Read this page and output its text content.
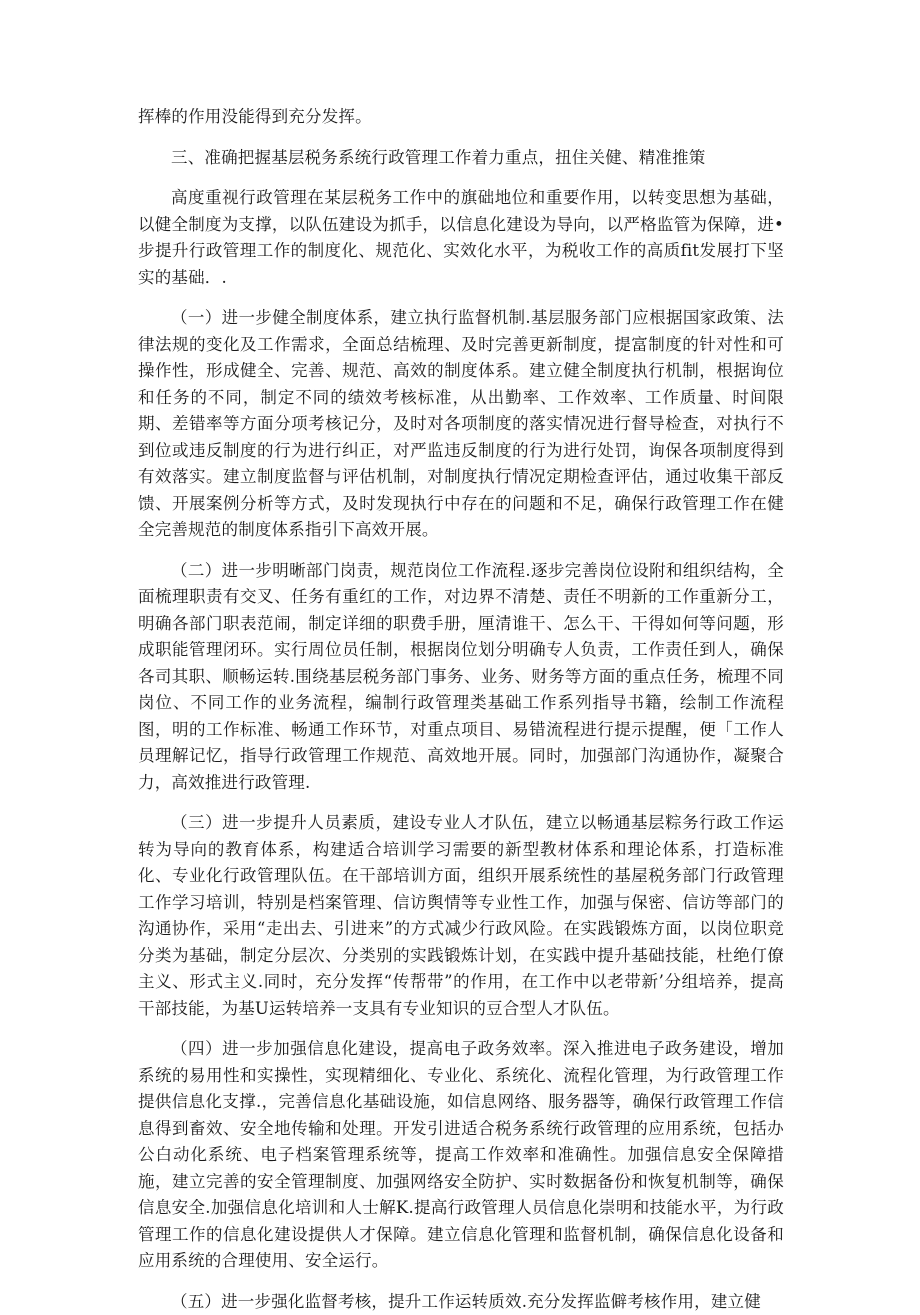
挥棒的作用没能得到充分发挥。

三、准确把握基层税务系统行政管理工作着力重点，扭住关健、精准推策

高度重视行政管理在某层税务工作中的旗础地位和重要作用，以转变思想为基础，以健全制度为支撑，以队伍建设为抓手，以信息化建设为导向，以严格监管为保障，进•步提升行政管理工作的制度化、规范化、实效化水平，为税收工作的高质fit发展打下坚实的基础．.

（一）进一步健全制度体系，建立执行监督机制.基层服务部门应根据国家政策、法律法规的变化及工作需求，全面总结梳理、及时完善更新制度，提富制度的针对性和可操作性，形成健全、完善、规范、高效的制度体系。建立健全制度执行机制，根据询位和任务的不同，制定不同的绩效考核标准，从出勤率、工作效率、工作质量、时间限期、差错率等方面分项考核记分，及时对各项制度的落实情况进行督导检查，对执行不到位或违反制度的行为进行纠正，对严监违反制度的行为进行处罚，询保各项制度得到有效落实。建立制度监督与评估机制，对制度执行情况定期检查评估，通过收集干部反馈、开展案例分析等方式，及时发现执行中存在的问题和不足，确保行政管理工作在健全完善规范的制度体系指引下高效开展。

（二）进一步明晰部门岗责，规范岗位工作流程.逐步完善岗位设附和组织结构，全面梳理职责有交叉、任务有重红的工作，对边界不清楚、责任不明新的工作重新分工，明确各部门职表范闹，制定详细的职费手册，厘清谁干、怎么干、干得如何等问题，形成职能管理闭环。实行周位员任制，根据岗位划分明确专人负责，工作责任到人，确保各司其职、顺畅运转.围绕基层税务部门事务、业务、财务等方面的重点任务，梳理不同岗位、不同工作的业务流程，编制行政管理类基础工作系列指导书籍，绘制工作流程图，明的工作标准、畅通工作环节，对重点项目、易错流程进行提示提醒，便「工作人员理解记忆，指导行政管理工作规范、高效地开展。同时，加强部门沟通协作，凝聚合力，高效推进行政管理.

（三）进一步提升人员素质，建设专业人才队伍，建立以畅通基层粽务行政工作运转为导向的教育体系，构建适合培训学习需要的新型教材体系和理论体系，打造标准化、专业化行政管理队伍。在干部培训方面，组织开展系统性的基屋税务部门行政管理工作学习培训，特别是档案管理、信访舆情等专业性工作，加强与保密、信访等部门的沟通协作，采用“走出去、引进来”的方式减少行政风险。在实践锻炼方面，以岗位职竞分类为基础，制定分层次、分类别的实践锻炼计划，在实践中提升基础技能，杜绝仃僚主义、形式主义.同时，充分发挥“传帮带”的作用，在工作中以老带新’分组培养，提高干部技能，为基U运转培养一支具有专业知识的豆合型人才队伍。

（四）进一步加强信息化建设，提高电子政务效率。深入推进电子政务建设，增加系统的易用性和实操性，实现精细化、专业化、系统化、流程化管理，为行政管理工作提供信息化支撑.，完善信息化基础设施，如信息网络、服务器等，确保行政管理工作信息得到畜效、安全地传输和处理。开发引进适合税务系统行政管理的应用系统，包括办公白动化系统、电子档案管理系统等，提高工作效率和准确性。加强信息安全保障措施，建立完善的安全管理制度、加强网络安全防护、实时数据备份和恢复机制等，确保信息安全.加强信息化培训和人士解K.提高行政管理人员信息化崇明和技能水平，为行政管理工作的信息化建设提供人才保障。建立信息化管理和监督机制，确保信息化设备和应用系统的合理使用、安全运行。

（五）进一步强化监督考核，提升工作运转质效.充分发挥监僻考核作用，建立健
